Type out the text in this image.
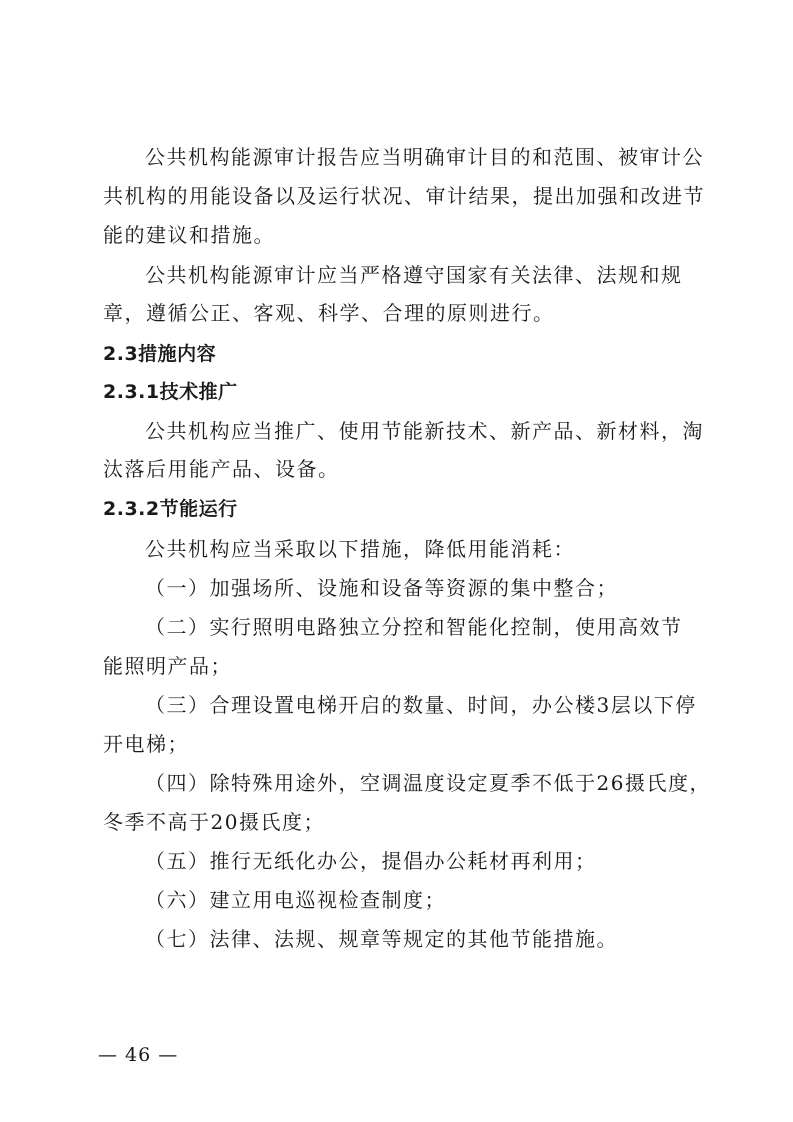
公共机构能源审计报告应当明确审计目的和范围、被审计公
共机构的用能设备以及运行状况、审计结果，提出加强和改进节
能的建议和措施。
公共机构能源审计应当严格遵守国家有关法律、法规和规
章，遵循公正、客观、科学、合理的原则进行。
2.3措施内容
2.3.1技术推广
公共机构应当推广、使用节能新技术、新产品、新材料，淘
汰落后用能产品、设备。
2.3.2节能运行
公共机构应当采取以下措施，降低用能消耗：
（一）加强场所、设施和设备等资源的集中整合；
（二）实行照明电路独立分控和智能化控制，使用高效节
能照明产品；
（三）合理设置电梯开启的数量、时间，办公楼3层以下停
开电梯；
（四）除特殊用途外，空调温度设定夏季不低于26摄氏度，
冬季不高于20摄氏度；
（五）推行无纸化办公，提倡办公耗材再利用；
（六）建立用电巡视检查制度；
（七）法律、法规、规章等规定的其他节能措施。
— 46 —
